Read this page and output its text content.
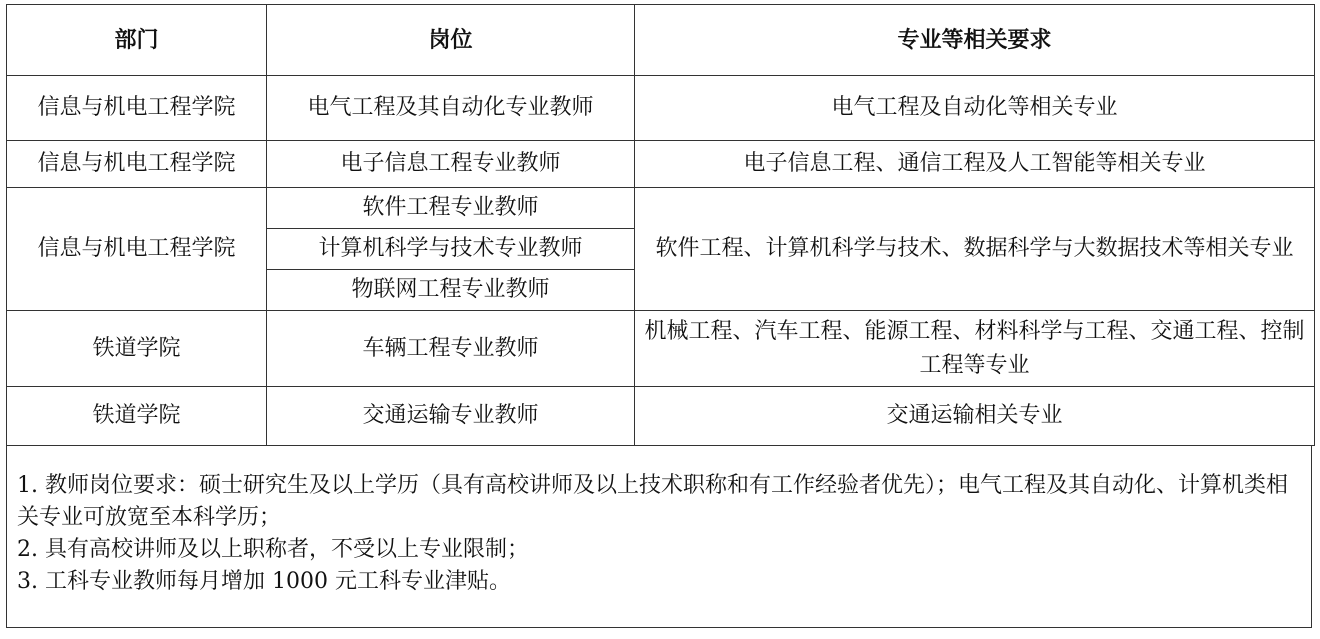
部门	岗位	专业等相关要求
信息与机电工程学院	电气工程及其自动化专业教师	电气工程及自动化等相关专业
信息与机电工程学院	电子信息工程专业教师	电子信息工程、通信工程及人工智能等相关专业
信息与机电工程学院	软件工程专业教师	软件工程、计算机科学与技术、数据科学与大数据技术等相关专业
	计算机科学与技术专业教师	
	物联网工程专业教师	
铁道学院	车辆工程专业教师	机械工程、汽车工程、能源工程、材料科学与工程、交通工程、控制工程等专业
铁道学院	交通运输专业教师	交通运输相关专业
1. 教师岗位要求：硕士研究生及以上学历（具有高校讲师及以上技术职称和有工作经验者优先）；电气工程及其自动化、计算机类相关专业可放宽至本科学历；
2. 具有高校讲师及以上职称者，不受以上专业限制；
3. 工科专业教师每月增加 1000 元工科专业津贴。
